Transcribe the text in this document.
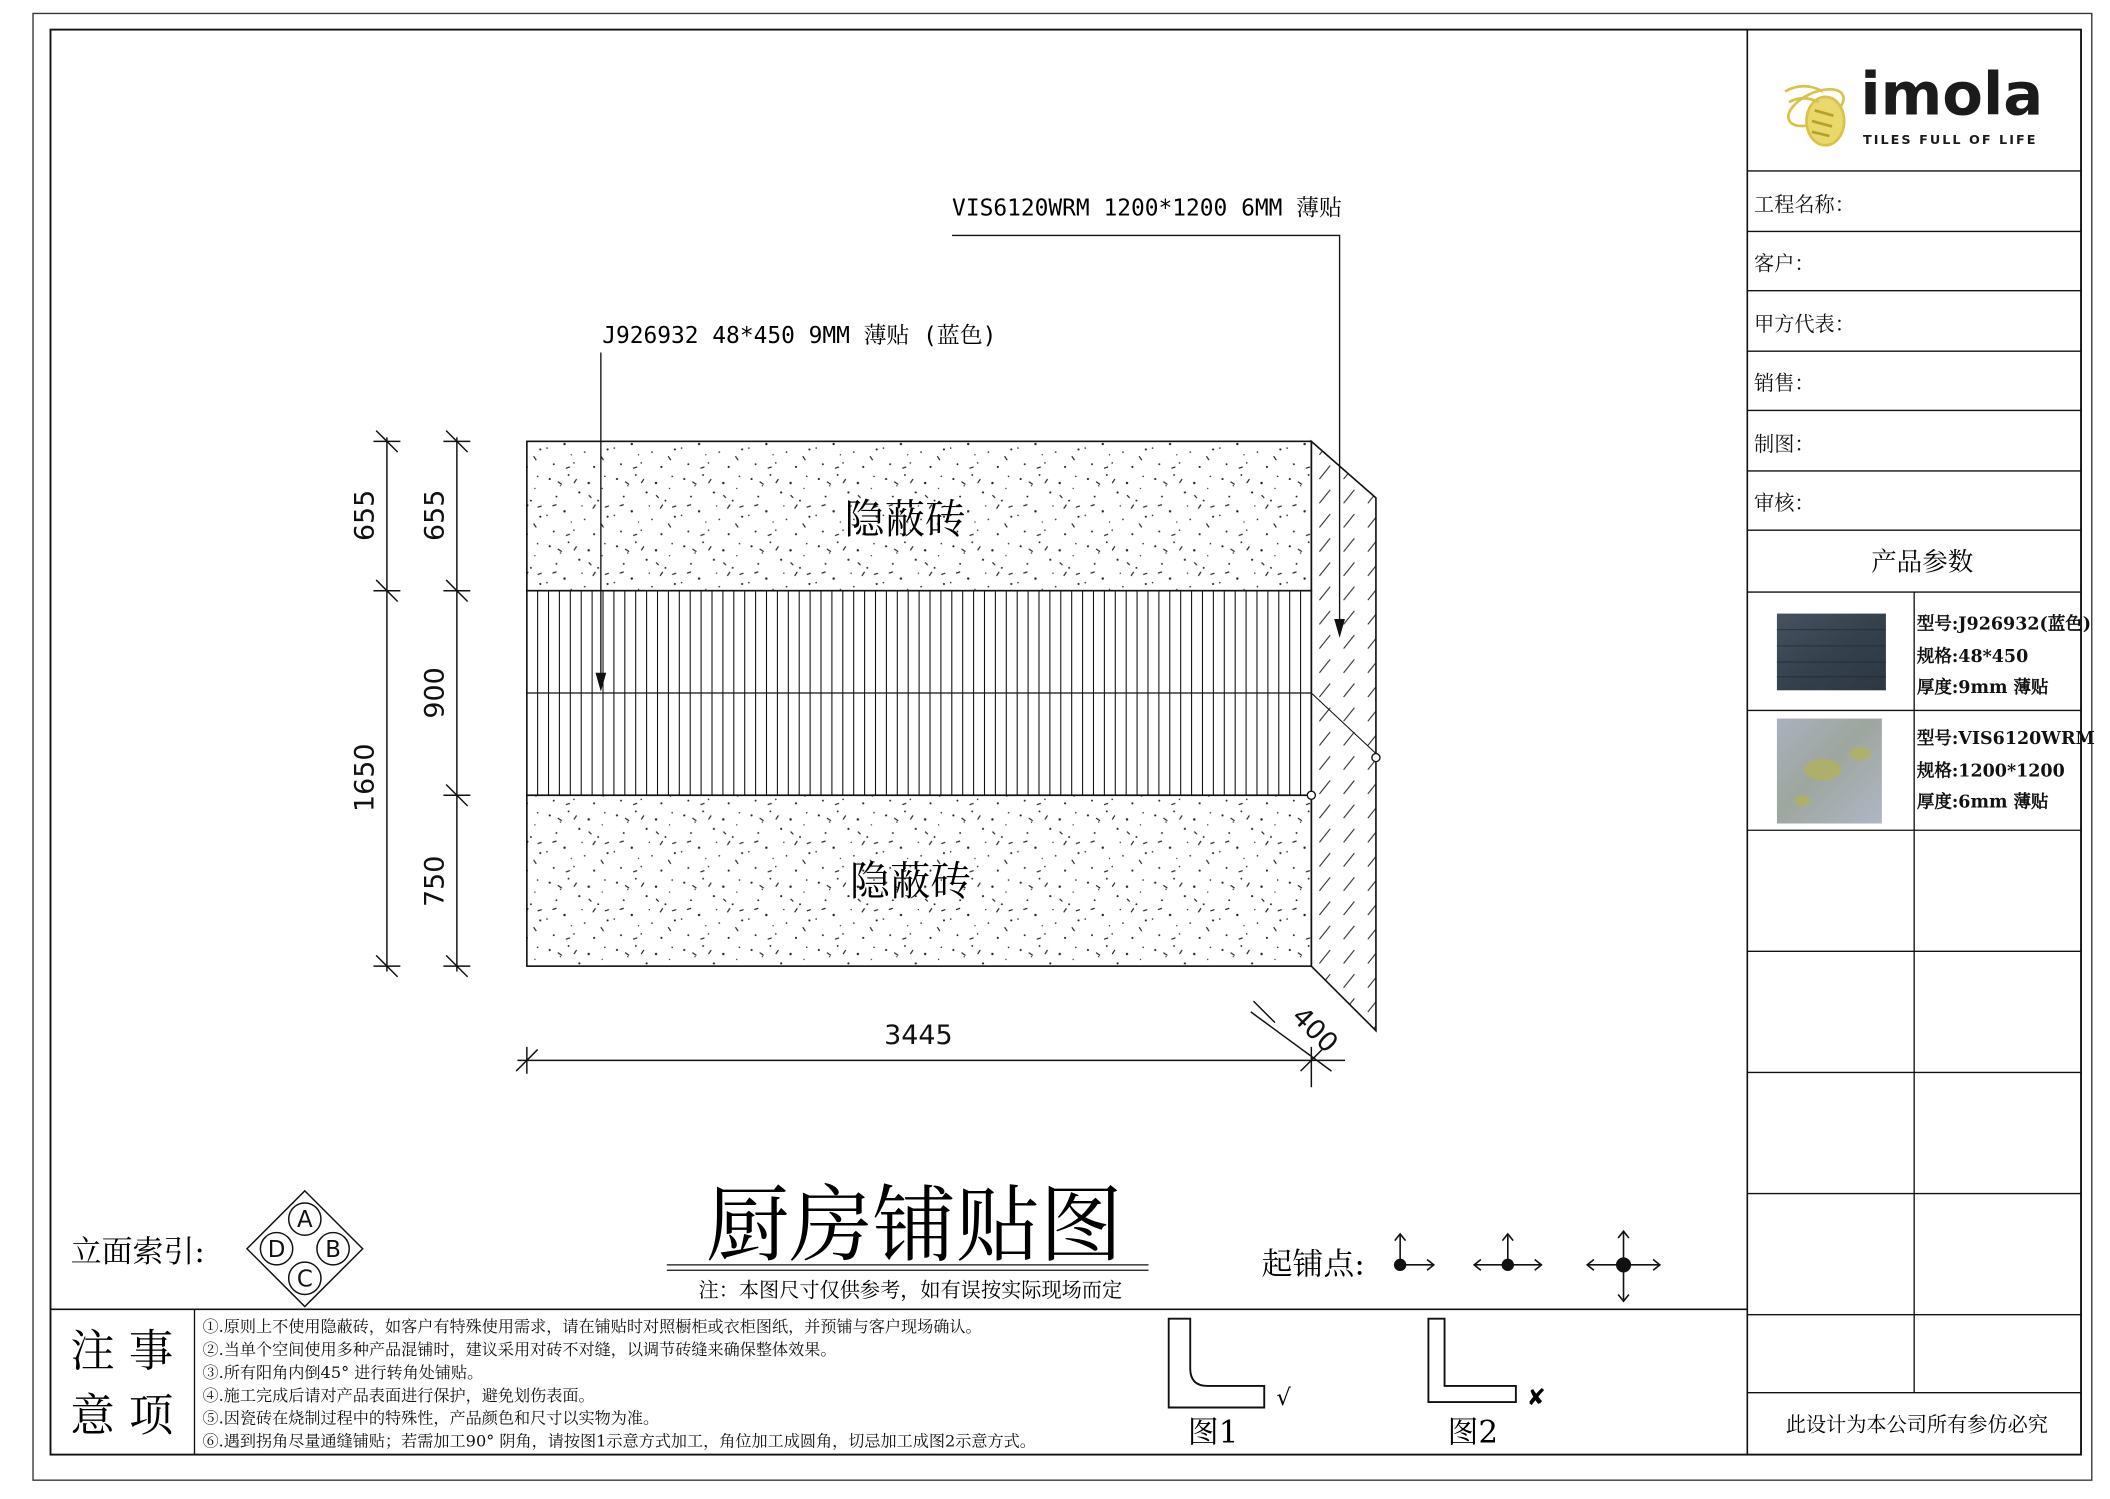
imola
TILES FULL OF LIFE
工程名称：
客户：
甲方代表：
销售：
制图：
审核：
产品参数
型号:J926932(蓝色)
规格:48*450
厚度:9mm 薄贴
型号:VIS6120WRM
规格:1200*1200
厚度:6mm 薄贴
此设计为本公司所有参仿必究
隐蔽砖
隐蔽砖
VIS6120WRM 1200*1200 6MM 薄贴
J926932 48*450 9MM 薄贴 (蓝色)
655 655
900
1650
750
3445	400
厨房铺贴图
注：本图尺寸仅供参考，如有误按实际现场而定
立面索引:
A
B
C
D	起铺点:
注 事
意 项
①.原则上不使用隐蔽砖，如客户有特殊使用需求，请在铺贴时对照橱柜或衣柜图纸，并预铺与客户现场确认。
②.当单个空间使用多种产品混铺时，建议采用对砖不对缝，以调节砖缝来确保整体效果。
③.所有阳角内倒45° 进行转角处铺贴。
④.施工完成后请对产品表面进行保护，避免划伤表面。
⑤.因瓷砖在烧制过程中的特殊性，产品颜色和尺寸以实物为准。
⑥.遇到拐角尽量通缝铺贴；若需加工90° 阴角，请按图1示意方式加工，角位加工成圆角，切忌加工成图2示意方式。
√	✘
图1	图2
